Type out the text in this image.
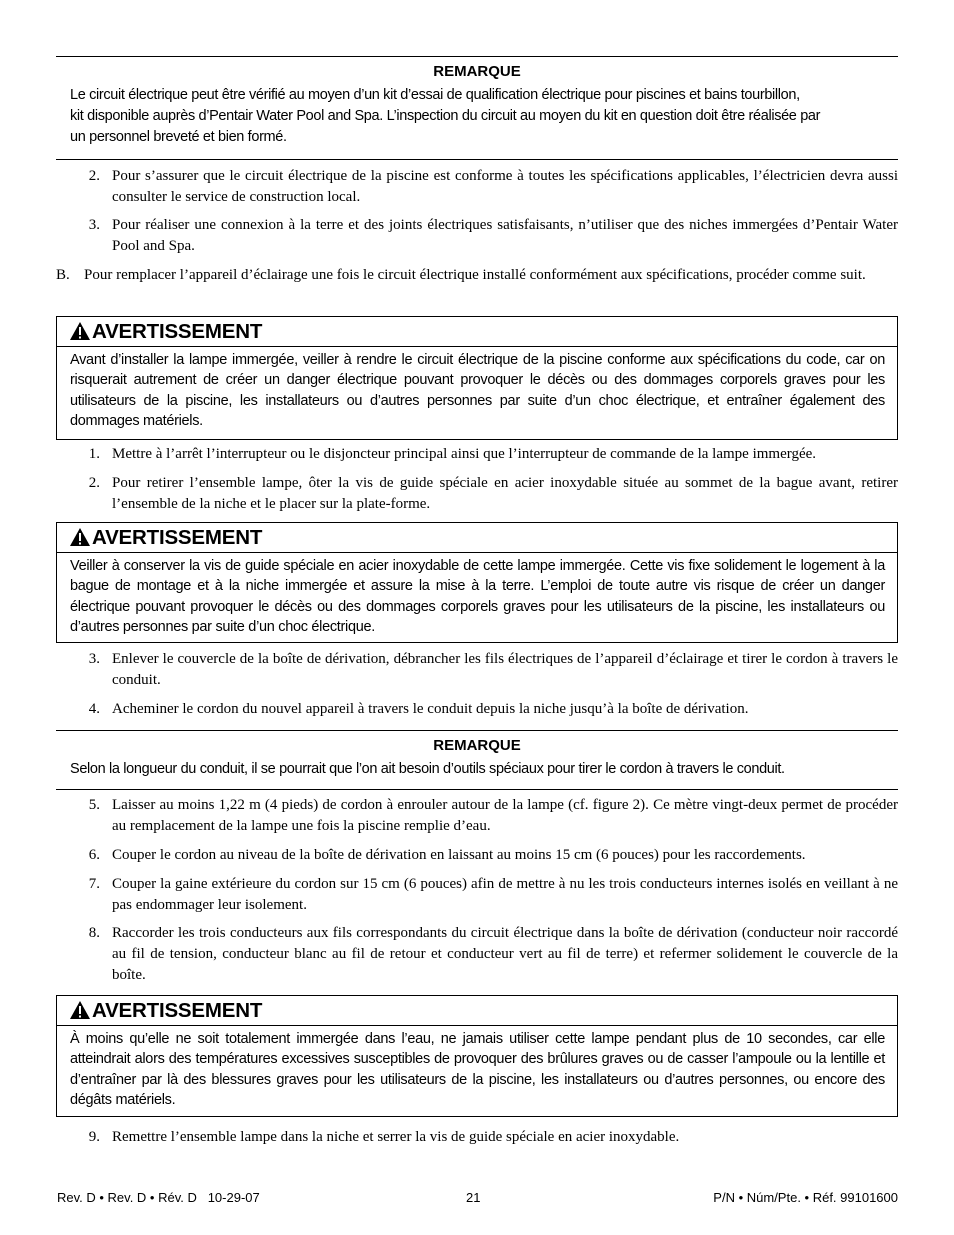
REMARQUE
Le circuit électrique peut être vérifié au moyen d’un kit d’essai de qualification électrique pour piscines et bains tourbillon,
kit disponible auprès d’Pentair Water Pool and Spa. L’inspection du circuit au moyen du kit en question doit être réalisée par
un personnel breveté et bien formé.
2. Pour s’assurer que le circuit électrique de la piscine est conforme à toutes les spécifications applicables, l’électricien devra aussi consulter le service de construction local.
3. Pour réaliser une connexion à la terre et des joints électriques satisfaisants, n’utiliser que des niches immergées d’Pentair Water Pool and Spa.
B. Pour remplacer l’appareil d’éclairage une fois le circuit électrique installé conformément aux spécifications, procéder comme suit.
AVERTISSEMENT
Avant d’installer la lampe immergée, veiller à rendre le circuit électrique de la piscine conforme aux spécifications du code, car on risquerait autrement de créer un danger électrique pouvant provoquer le décès ou des dommages corporels graves pour les utilisateurs de la piscine, les installateurs ou d’autres personnes par suite d’un choc électrique, et entraîner également des dommages matériels.
1. Mettre à l’arrêt l’interrupteur ou le disjoncteur principal ainsi que l’interrupteur de commande de la lampe immergée.
2. Pour retirer l’ensemble lampe, ôter la vis de guide spéciale en acier inoxydable située au sommet de la bague avant, retirer l’ensemble de la niche et le placer sur la plate-forme.
AVERTISSEMENT
Veiller à conserver la vis de guide spéciale en acier inoxydable de cette lampe immergée. Cette vis fixe solidement le logement à la bague de montage et à la niche immergée et assure la mise à la terre. L’emploi de toute autre vis risque de créer un danger électrique pouvant provoquer le décès ou des dommages corporels graves pour les utilisateurs de la piscine, les installateurs ou d’autres personnes par suite d’un choc électrique.
3. Enlever le couvercle de la boîte de dérivation, débrancher les fils électriques de l’appareil d’éclairage et tirer le cordon à travers le conduit.
4. Acheminer le cordon du nouvel appareil à travers le conduit depuis la niche jusqu’à la boîte de dérivation.
REMARQUE
Selon la longueur du conduit, il se pourrait que l’on ait besoin d’outils spéciaux pour tirer le cordon à travers le conduit.
5. Laisser au moins 1,22 m (4 pieds) de cordon à enrouler autour de la lampe (cf. figure 2). Ce mètre vingt-deux permet de procéder au remplacement de la lampe une fois la piscine remplie d’eau.
6. Couper le cordon au niveau de la boîte de dérivation en laissant au moins 15 cm (6 pouces) pour les raccordements.
7. Couper la gaine extérieure du cordon sur 15 cm (6 pouces) afin de mettre à nu les trois conducteurs internes isolés en veillant à ne pas endommager leur isolement.
8. Raccorder les trois conducteurs aux fils correspondants du circuit électrique dans la boîte de dérivation (conducteur noir raccordé au fil de tension, conducteur blanc au fil de retour et conducteur vert au fil de terre) et refermer solidement le couvercle de la boîte.
AVERTISSEMENT
À moins qu’elle ne soit totalement immergée dans l’eau, ne jamais utiliser cette lampe pendant plus de 10 secondes, car elle atteindrait alors des températures excessives susceptibles de provoquer des brûlures graves ou de casser l’ampoule ou la lentille et d’entraîner par là des blessures graves pour les utilisateurs de la piscine, les installateurs ou d’autres personnes, ou encore des dégâts matériels.
9. Remettre l’ensemble lampe dans la niche et serrer la vis de guide spéciale en acier inoxydable.
Rev. D • Rev. D • Rév. D 10-29-07	21	P/N • Núm/Pte. • Réf. 99101600
